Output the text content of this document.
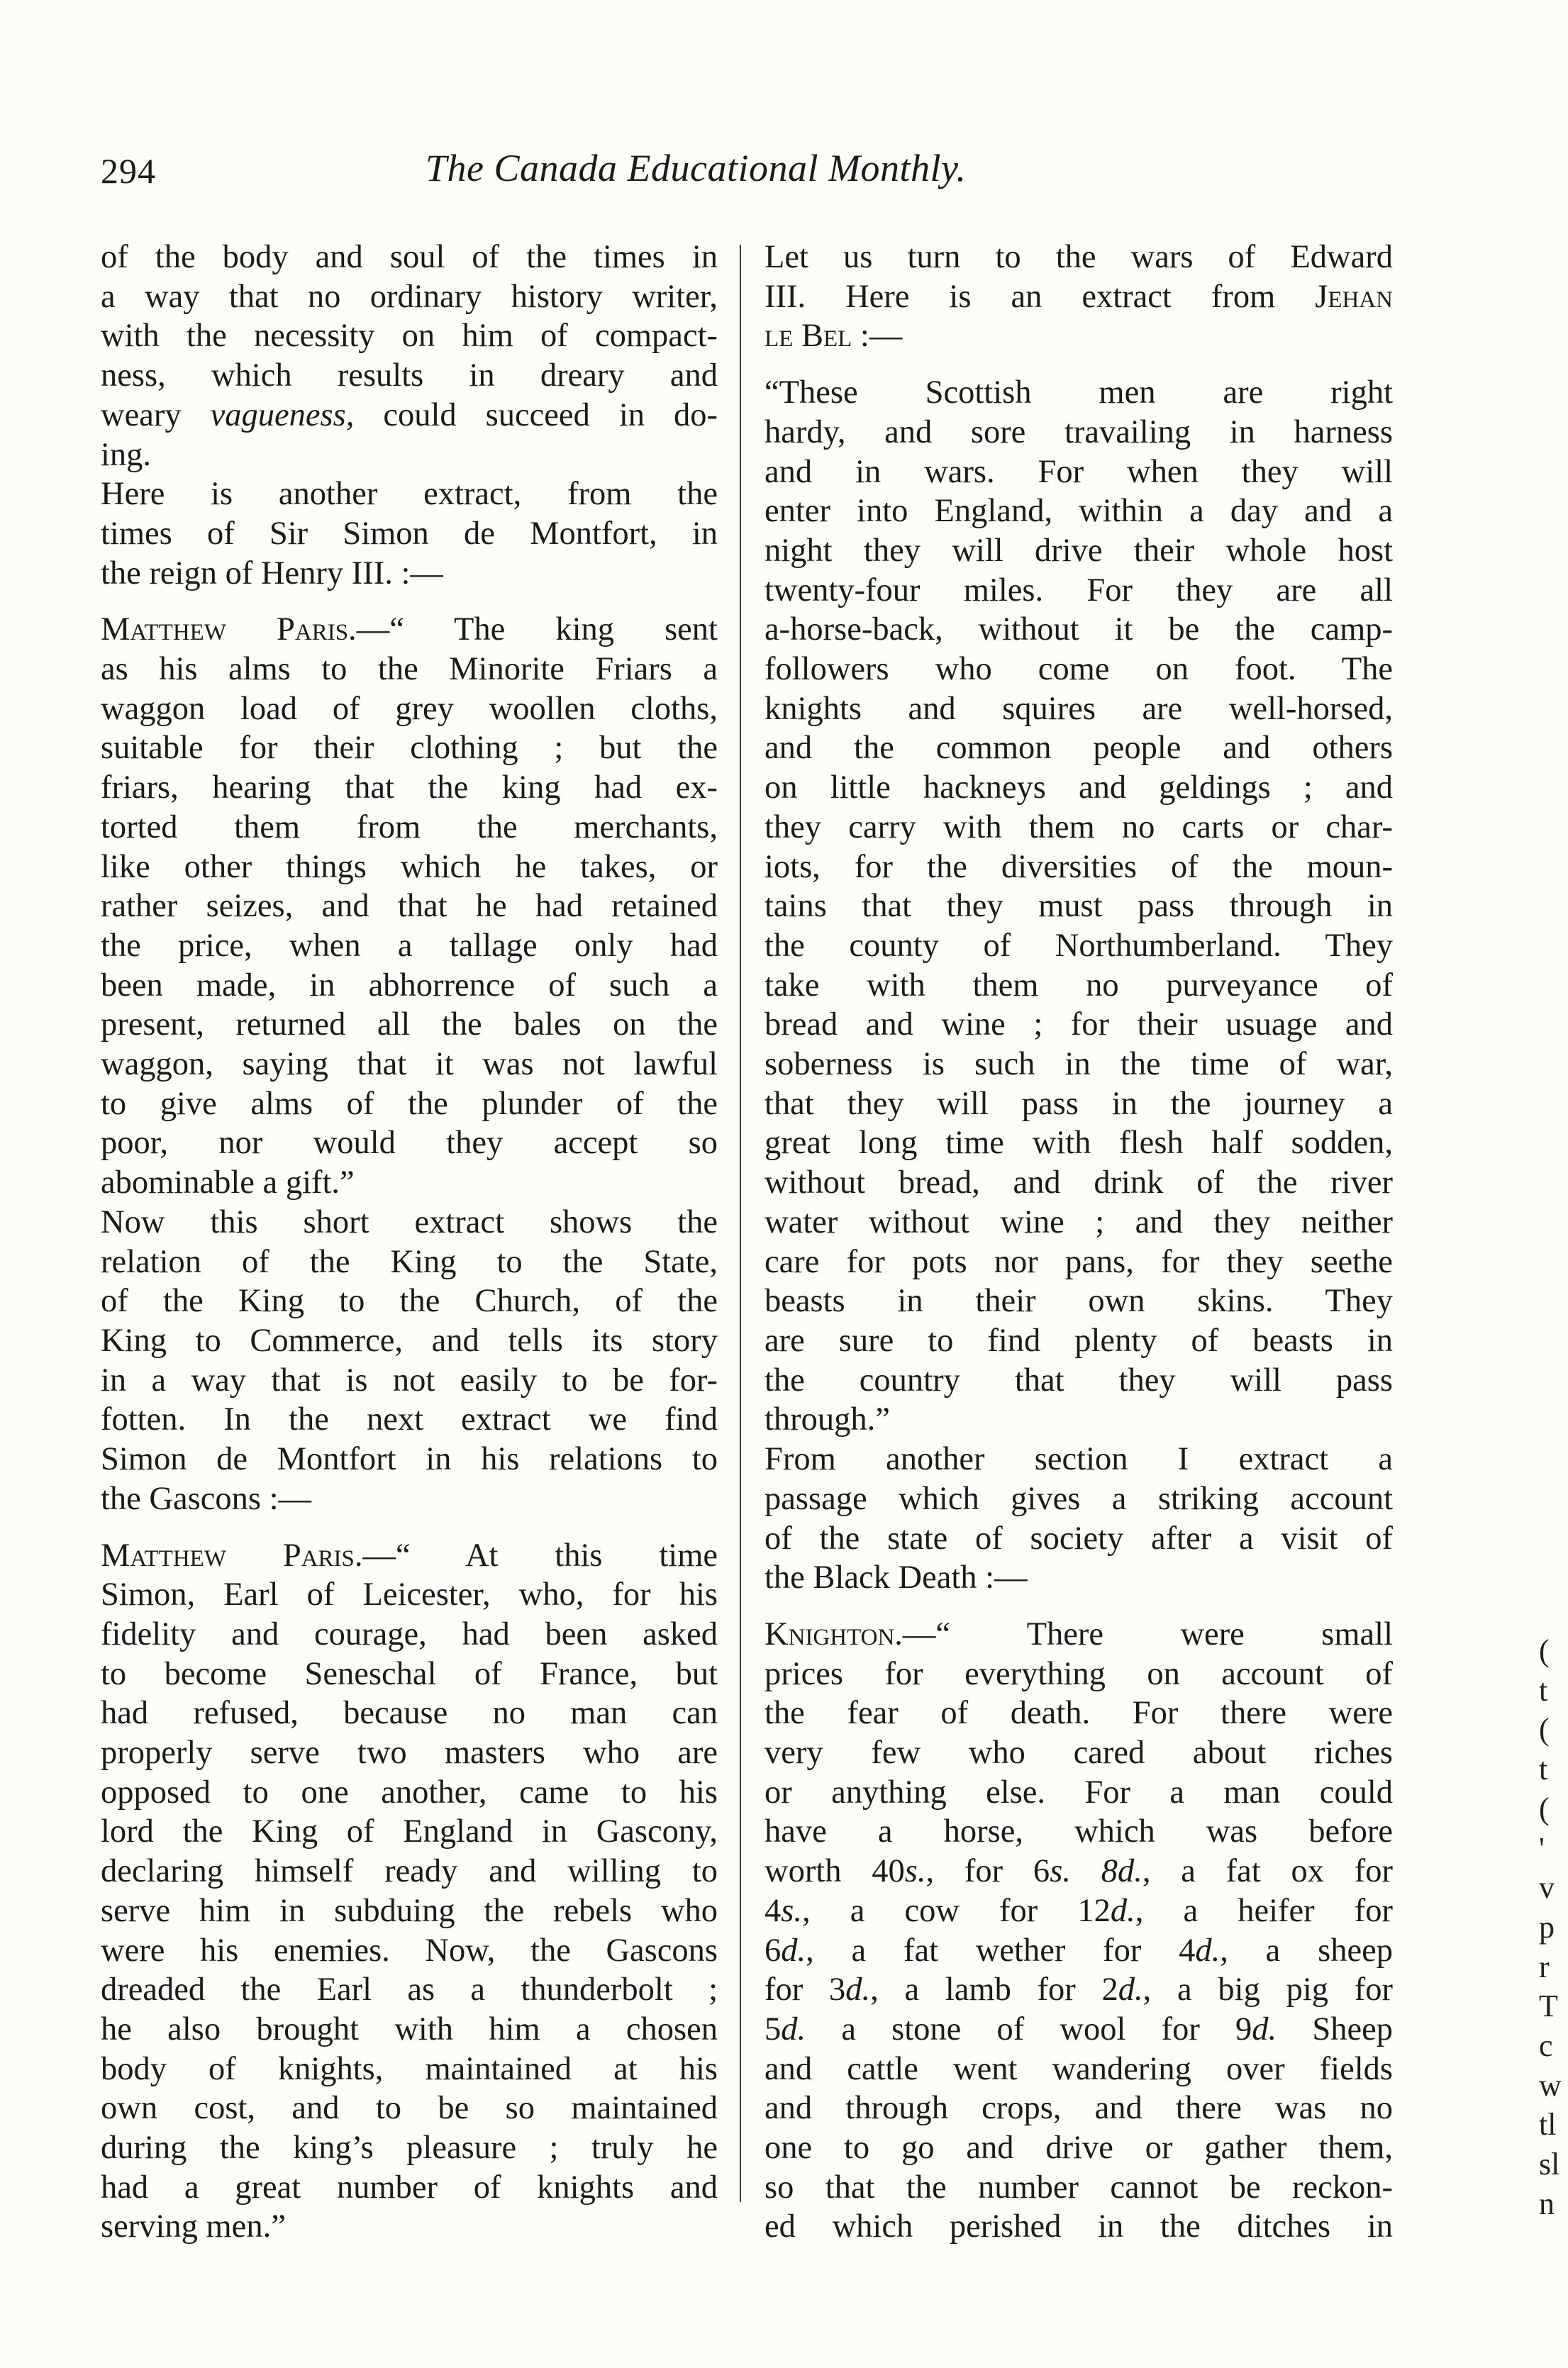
294	The Canada Educational Monthly.
of the body and soul of the times in
a way that no ordinary history writer,
with the necessity on him of compact-
ness, which results in dreary and
weary vagueness, could succeed in do-
ing.
Here is another extract, from the
times of Sir Simon de Montfort, in
the reign of Henry III. :—
Matthew Paris.—“ The king sent
as his alms to the Minorite Friars a
waggon load of grey woollen cloths,
suitable for their clothing ; but the
friars, hearing that the king had ex-
torted them from the merchants,
like other things which he takes, or
rather seizes, and that he had retained
the price, when a tallage only had
been made, in abhorrence of such a
present, returned all the bales on the
waggon, saying that it was not lawful
to give alms of the plunder of the
poor, nor would they accept so
abominable a gift.”
Now this short extract shows the
relation of the King to the State,
of the King to the Church, of the
King to Commerce, and tells its story
in a way that is not easily to be for-
fotten. In the next extract we find
Simon de Montfort in his relations to
the Gascons :—
Matthew Paris.—“ At this time
Simon, Earl of Leicester, who, for his
fidelity and courage, had been asked
to become Seneschal of France, but
had refused, because no man can
properly serve two masters who are
opposed to one another, came to his
lord the King of England in Gascony,
declaring himself ready and willing to
serve him in subduing the rebels who
were his enemies. Now, the Gascons
dreaded the Earl as a thunderbolt ;
he also brought with him a chosen
body of knights, maintained at his
own cost, and to be so maintained
during the king’s pleasure ; truly he
had a great number of knights and
serving men.”
Let us turn to the wars of Edward
III. Here is an extract from Jehan
le Bel :—
“These Scottish men are right
hardy, and sore travailing in harness
and in wars. For when they will
enter into England, within a day and a
night they will drive their whole host
twenty-four miles. For they are all
a-horse-back, without it be the camp-
followers who come on foot. The
knights and squires are well-horsed,
and the common people and others
on little hackneys and geldings ; and
they carry with them no carts or char-
iots, for the diversities of the moun-
tains that they must pass through in
the county of Northumberland. They
take with them no purveyance of
bread and wine ; for their usuage and
soberness is such in the time of war,
that they will pass in the journey a
great long time with flesh half sodden,
without bread, and drink of the river
water without wine ; and they neither
care for pots nor pans, for they seethe
beasts in their own skins. They
are sure to find plenty of beasts in
the country that they will pass
through.”
From another section I extract a
passage which gives a striking account
of the state of society after a visit of
the Black Death :—
Knighton.—“ There were small
prices for everything on account of
the fear of death. For there were
very few who cared about riches
or anything else. For a man could
have a horse, which was before
worth 40s., for 6s. 8d., a fat ox for
4s., a cow for 12d., a heifer for
6d., a fat wether for 4d., a sheep
for 3d., a lamb for 2d., a big pig for
5d. a stone of wool for 9d. Sheep
and cattle went wandering over fields
and through crops, and there was no
one to go and drive or gather them,
so that the number cannot be reckon-
ed which perished in the ditches in
(
t
(
t
(
'
v
p
r
T
c
w
tl
sl
n
